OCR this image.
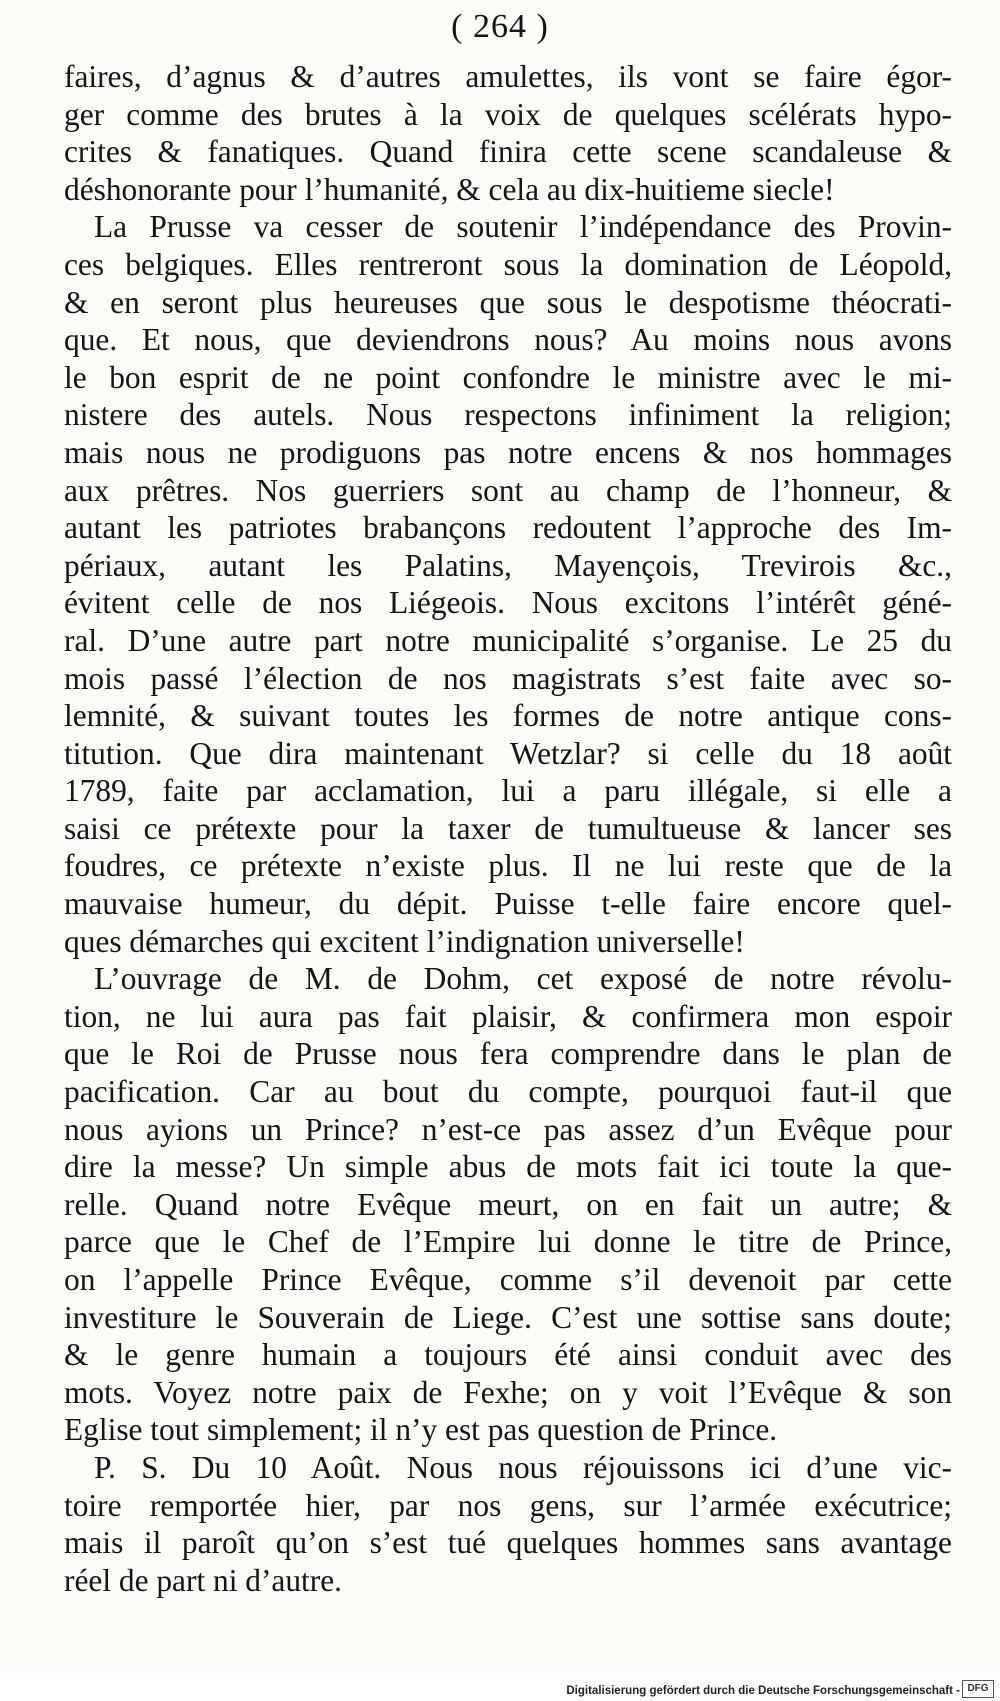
( 264 )
faires, d’agnus & d’autres amulettes, ils vont se faire égor-
ger comme des brutes à la voix de quelques scélérats hypo-
crites & fanatiques. Quand finira cette scene scandaleuse &
déshonorante pour l’humanité, & cela au dix-huitieme siecle!
La Prusse va cesser de soutenir l’indépendance des Provin-
ces belgiques. Elles rentreront sous la domination de Léopold,
& en seront plus heureuses que sous le despotisme théocrati-
que. Et nous, que deviendrons nous? Au moins nous avons
le bon esprit de ne point confondre le ministre avec le mi-
nistere des autels. Nous respectons infiniment la religion;
mais nous ne prodiguons pas notre encens & nos hommages
aux prêtres. Nos guerriers sont au champ de l’honneur, &
autant les patriotes brabançons redoutent l’approche des Im-
périaux, autant les Palatins, Mayençois, Trevirois &c.,
évitent celle de nos Liégeois. Nous excitons l’intérêt géné-
ral. D’une autre part notre municipalité s’organise. Le 25 du
mois passé l’élection de nos magistrats s’est faite avec so-
lemnité, & suivant toutes les formes de notre antique cons-
titution. Que dira maintenant Wetzlar? si celle du 18 août
1789, faite par acclamation, lui a paru illégale, si elle a
saisi ce prétexte pour la taxer de tumultueuse & lancer ses
foudres, ce prétexte n’existe plus. Il ne lui reste que de la
mauvaise humeur, du dépit. Puisse t-elle faire encore quel-
ques démarches qui excitent l’indignation universelle!
L’ouvrage de M. de Dohm, cet exposé de notre révolu-
tion, ne lui aura pas fait plaisir, & confirmera mon espoir
que le Roi de Prusse nous fera comprendre dans le plan de
pacification. Car au bout du compte, pourquoi faut-il que
nous ayions un Prince? n’est-ce pas assez d’un Evêque pour
dire la messe? Un simple abus de mots fait ici toute la que-
relle. Quand notre Evêque meurt, on en fait un autre; &
parce que le Chef de l’Empire lui donne le titre de Prince,
on l’appelle Prince Evêque, comme s’il devenoit par cette
investiture le Souverain de Liege. C’est une sottise sans doute;
& le genre humain a toujours été ainsi conduit avec des
mots. Voyez notre paix de Fexhe; on y voit l’Evêque & son
Eglise tout simplement; il n’y est pas question de Prince.
P. S. Du 10 Août. Nous nous réjouissons ici d’une vic-
toire remportée hier, par nos gens, sur l’armée exécutrice;
mais il paroît qu’on s’est tué quelques hommes sans avantage
réel de part ni d’autre.
Digitalisierung gefördert durch die Deutsche Forschungsgemeinschaft - DFG
